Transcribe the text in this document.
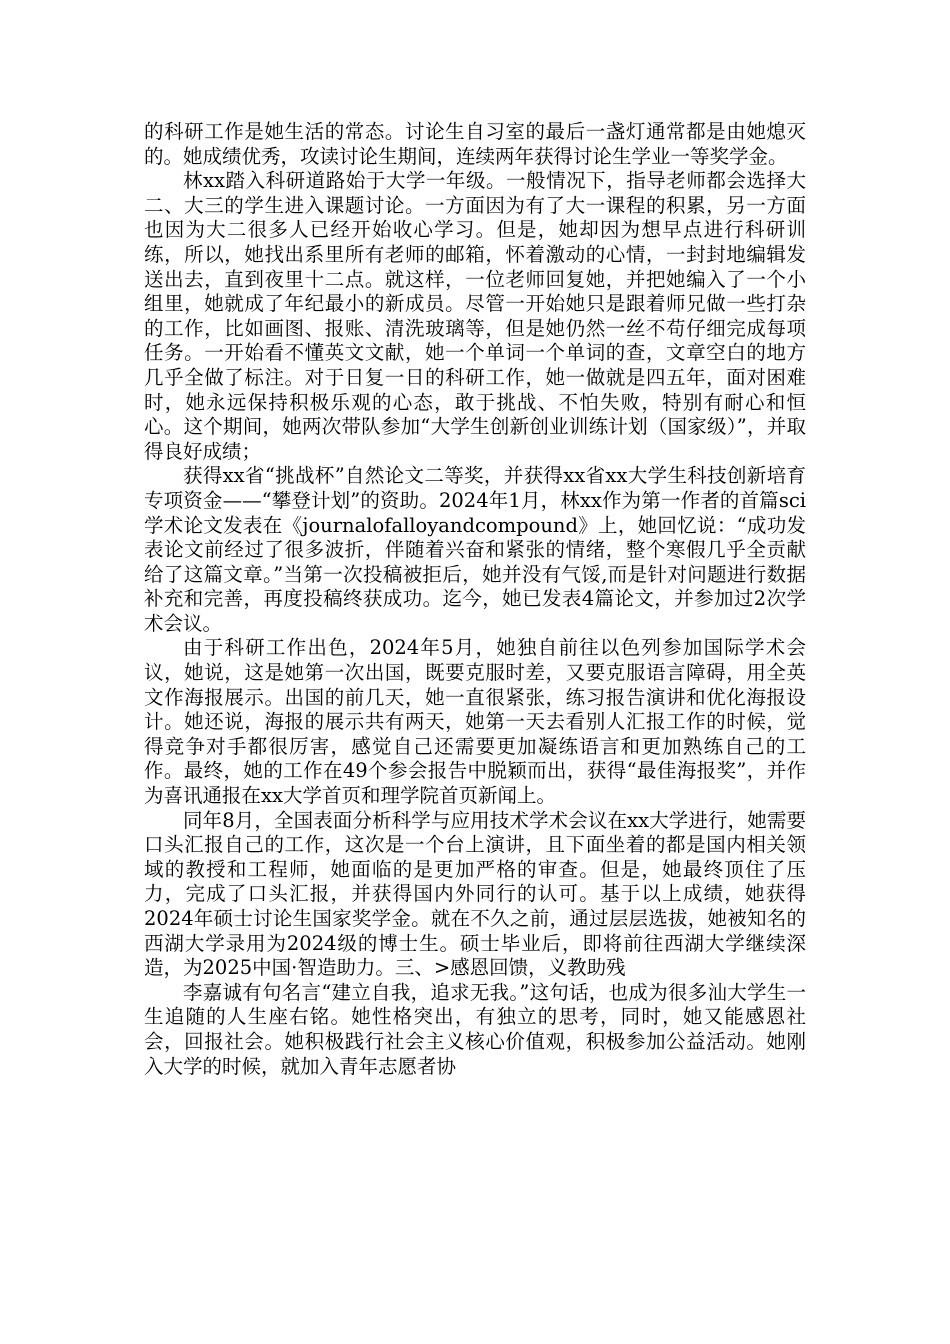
的科研工作是她生活的常态。讨论生自习室的最后一盏灯通常都是由她熄灭的。她成绩优秀，攻读讨论生期间，连续两年获得讨论生学业一等奖学金。

林xx踏入科研道路始于大学一年级。一般情况下，指导老师都会选择大二、大三的学生进入课题讨论。一方面因为有了大一课程的积累，另一方面也因为大二很多人已经开始收心学习。但是，她却因为想早点进行科研训练，所以，她找出系里所有老师的邮箱，怀着激动的心情，一封封地编辑发送出去，直到夜里十二点。就这样，一位老师回复她，并把她编入了一个小组里，她就成了年纪最小的新成员。尽管一开始她只是跟着师兄做一些打杂的工作，比如画图、报账、清洗玻璃等，但是她仍然一丝不苟仔细完成每项任务。一开始看不懂英文文献，她一个单词一个单词的查，文章空白的地方几乎全做了标注。对于日复一日的科研工作，她一做就是四五年，面对困难时，她永远保持积极乐观的心态，敢于挑战、不怕失败，特别有耐心和恒心。这个期间，她两次带队参加“大学生创新创业训练计划（国家级）”，并取得良好成绩；

获得xx省“挑战杯”自然论文二等奖，并获得xx省xx大学生科技创新培育专项资金——“攀登计划”的资助。2024年1月，林xx作为第一作者的首篇sci学术论文发表在《journalofalloyandcompound》上，她回忆说：“成功发表论文前经过了很多波折，伴随着兴奋和紧张的情绪，整个寒假几乎全贡献给了这篇文章。”当第一次投稿被拒后，她并没有气馁,而是针对问题进行数据补充和完善，再度投稿终获成功。迄今，她已发表4篇论文，并参加过2次学术会议。

由于科研工作出色，2024年5月，她独自前往以色列参加国际学术会议，她说，这是她第一次出国，既要克服时差，又要克服语言障碍，用全英文作海报展示。出国的前几天，她一直很紧张，练习报告演讲和优化海报设计。她还说，海报的展示共有两天，她第一天去看别人汇报工作的时候，觉得竞争对手都很厉害，感觉自己还需要更加凝练语言和更加熟练自己的工作。最终，她的工作在49个参会报告中脱颖而出，获得“最佳海报奖”，并作为喜讯通报在xx大学首页和理学院首页新闻上。

同年8月，全国表面分析科学与应用技术学术会议在xx大学进行，她需要口头汇报自己的工作，这次是一个台上演讲，且下面坐着的都是国内相关领域的教授和工程师，她面临的是更加严格的审查。但是，她最终顶住了压力，完成了口头汇报，并获得国内外同行的认可。基于以上成绩，她获得2024年硕士讨论生国家奖学金。就在不久之前，通过层层选拔，她被知名的西湖大学录用为2024级的博士生。硕士毕业后，即将前往西湖大学继续深造，为2025中国·智造助力。三、>感恩回馈，义教助残

李嘉诚有句名言“建立自我，追求无我。”这句话，也成为很多汕大学生一生追随的人生座右铭。她性格突出，有独立的思考，同时，她又能感恩社会，回报社会。她积极践行社会主义核心价值观，积极参加公益活动。她刚入大学的时候，就加入青年志愿者协
